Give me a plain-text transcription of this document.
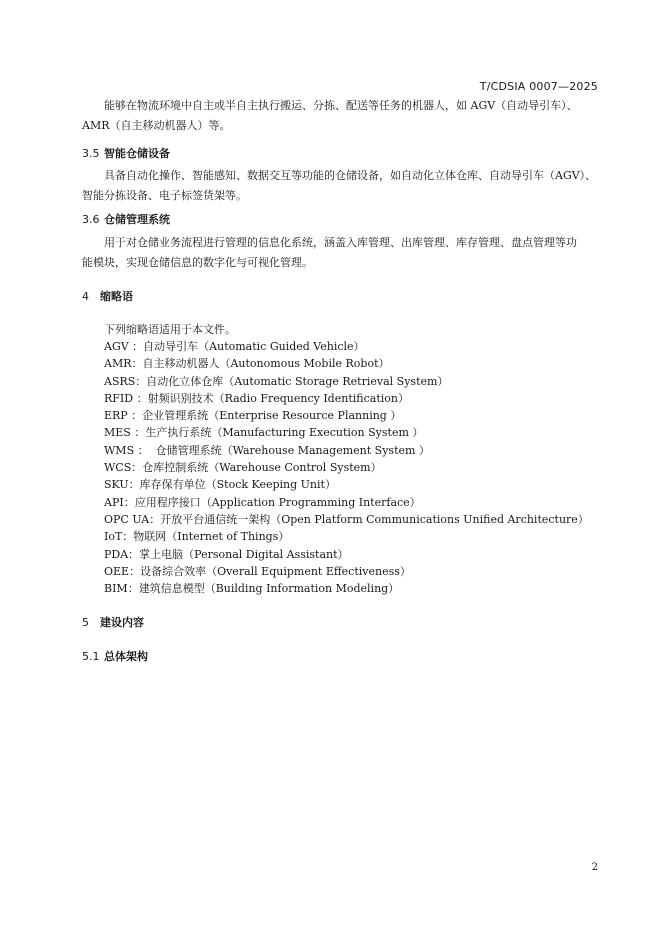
T/CDSIA 0007—2025

能够在物流环境中自主或半自主执行搬运、分拣、配送等任务的机器人，如 AGV（自动导引车）、
AMR（自主移动机器人）等。

3.5 智能仓储设备

具备自动化操作、智能感知、数据交互等功能的仓储设备，如自动化立体仓库、自动导引车（AGV）、
智能分拣设备、电子标签货架等。

3.6 仓储管理系统

用于对仓储业务流程进行管理的信息化系统，涵盖入库管理、出库管理、库存管理、盘点管理等功
能模块，实现仓储信息的数字化与可视化管理。

4 缩略语

下列缩略语适用于本文件。

AGV ：自动导引车（Automatic Guided Vehicle）
AMR：自主移动机器人（Autonomous Mobile Robot）
ASRS：自动化立体仓库（Automatic Storage Retrieval System）
RFID ：射频识别技术（Radio Frequency Identification）
ERP ：企业管理系统（Enterprise Resource Planning ）
MES ：生产执行系统（Manufacturing Execution System ）
WMS ：  仓储管理系统（Warehouse Management System ）
WCS：仓库控制系统（Warehouse Control System）
SKU：库存保有单位（Stock Keeping Unit）
API：应用程序接口（Application Programming Interface）
OPC UA：开放平台通信统一架构（Open Platform Communications Unified Architecture）
IoT：物联网（Internet of Things）
PDA：掌上电脑（Personal Digital Assistant）
OEE：设备综合效率（Overall Equipment Effectiveness）
BIM：建筑信息模型（Building Information Modeling）
5 建设内容
5.1 总体架构
2
